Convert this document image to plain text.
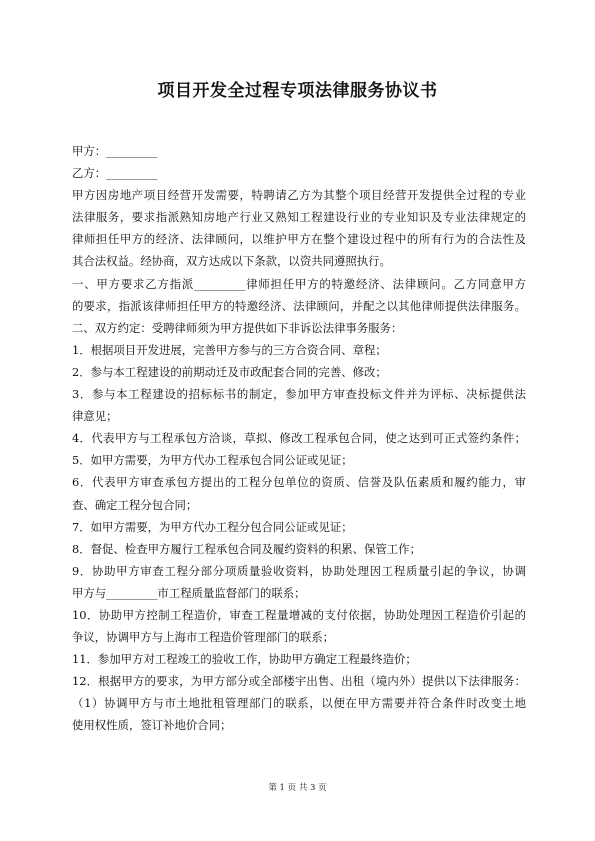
项目开发全过程专项法律服务协议书
甲方：_________
乙方：_________
甲方因房地产项目经营开发需要，特聘请乙方为其整个项目经营开发提供全过程的专业
法律服务，要求指派熟知房地产行业又熟知工程建设行业的专业知识及专业法律规定的
律师担任甲方的经济、法律顾问，以维护甲方在整个建设过程中的所有行为的合法性及
其合法权益。经协商，双方达成以下条款，以资共同遵照执行。
一、甲方要求乙方指派_________律师担任甲方的特邀经济、法律顾问。乙方同意甲方
的要求，指派该律师担任甲方的特邀经济、法律顾问，并配之以其他律师提供法律服务。
二、双方约定：受聘律师须为甲方提供如下非诉讼法律事务服务：
1．根据项目开发进展，完善甲方参与的三方合资合同、章程；
2．参与本工程建设的前期动迁及市政配套合同的完善、修改；
3．参与本工程建设的招标标书的制定，参加甲方审查投标文件并为评标、决标提供法
律意见；
4．代表甲方与工程承包方洽谈，草拟、修改工程承包合同，使之达到可正式签约条件；
5．如甲方需要，为甲方代办工程承包合同公证或见证；
6．代表甲方审查承包方提出的工程分包单位的资质、信誉及队伍素质和履约能力，审
查、确定工程分包合同；
7．如甲方需要，为甲方代办工程分包合同公证或见证；
8．督促、检查甲方履行工程承包合同及履约资料的积累、保管工作；
9．协助甲方审查工程分部分项质量验收资料，协助处理因工程质量引起的争议，协调
甲方与_________市工程质量监督部门的联系；
10．协助甲方控制工程造价，审查工程量增减的支付依据，协助处理因工程造价引起的
争议，协调甲方与上海市工程造价管理部门的联系；
11．参加甲方对工程竣工的验收工作，协助甲方确定工程最终造价；
12．根据甲方的要求，为甲方部分或全部楼宇出售、出租（境内外）提供以下法律服务：
（1）协调甲方与市土地批租管理部门的联系，以便在甲方需要并符合条件时改变土地
使用权性质，签订补地价合同；
第 1 页 共 3 页
